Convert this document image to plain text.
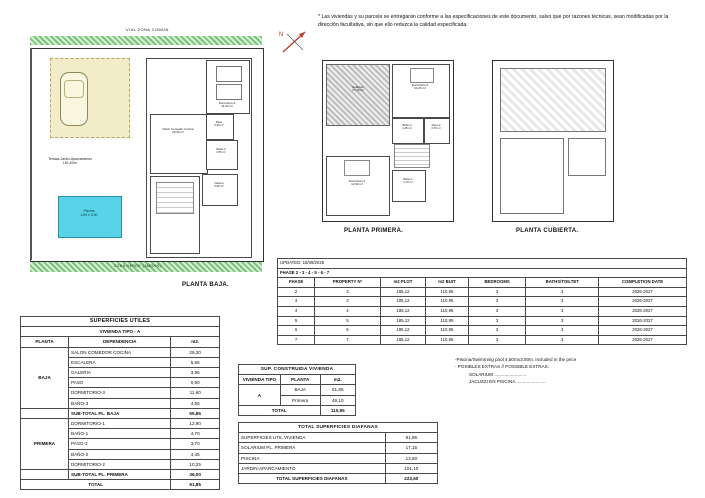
VIAL ZONA COMUN
Terraza-Jardin-Aparcamiento
181,40m²
Piscina
4,50 x 3,00
Salon Comedor Cocina
29,30 m²
Dormitorio-3
11,60 m²
Paso
0,90 m²
Baño-3
4,55 m²
Galeria
3,95 m²
ZONA VERDE (JARDIN)
PLANTA BAJA.
N
* Las viviendas y su parcela se entregarán conforme a las especificaciones de este documento, salvo que por razones técnicas, sean modificadas por la dirección facultativa, sin que ello reduzca la calidad especificada.
Solarium
17,15 m²
Dormitorio-2
10,25 m²
Baño-2
4,45 m²
Paso-2
3,70 m²
Dormitorio-1
12,90 m²
Baño-1
4,70 m²
PLANTA PRIMERA.	PLANTA CUBIERTA.
UPDATED: 15/09/2025						
FHASE 2 - 3 - 4 - 5 - 6 - 7						
FHASE	PROPERTY Nº	m2 PLOT	m2 BUIT	BEDROOMS	BATHS/TOILTET	COMPLETION DATE
2	2	185,12	110,95	3	3	2026-2027
3	3	185,12	110,95	3	3	2026-2027
4	4	185,12	110,95	3	3	2026-2027
5	5	185,12	110,95	3	3	2026-2027
6	6	185,12	110,95	3	3	2026-2027
7	7	185,12	110,95	3	3	2026-2027
-Piscina/Swimming pool 4,50mx3,00m. included in the price
- POSIBLES EXTRAS // POSSIBLE EXTRAS:
SOLARIUM .........................
JACUZZI EN PISCINA........................
SUPERFICIES UTILES		
VIVIENDA TIPO - A		
PLANTA	DEPENDENCIA	m2.
BAJA	SALON COMEDOR COCINA	29,30
	ESCALERA	5,55
	GALERIA	3,95
	PASO	0,90
	DORMITORIO-3	11,60
	BAÑO-3	4,55
	SUB-TOTAL PL. BAJA	55,85
PRIMERA	DORMITORIO-1	12,90
	BAÑO-1	4,70
	PASO-2	3,70
	BAÑO-2	4,45
	DORMITORIO-2	10,25
	SUB-TOTAL PL. PRIMERA	36,00
TOTAL		91,85
SUP. CONSTRUIDA VIVIENDA		
VIVIENDA TIPO	PLANTA	m2.
A	BAJA	61,85
	Primera	49,10
TOTAL		110,95
TOTAL SUPERFICIES DIAFANAS	
SUPERFICIES UTIL VIVIENDA	91,85
SOLARIUM PL. PRIMERA	17,15
PISCINA	13,50
JARDIN-APARCAMIENTO	101,10
TOTAL SUPERFICIES DIAFANAS	223,60
